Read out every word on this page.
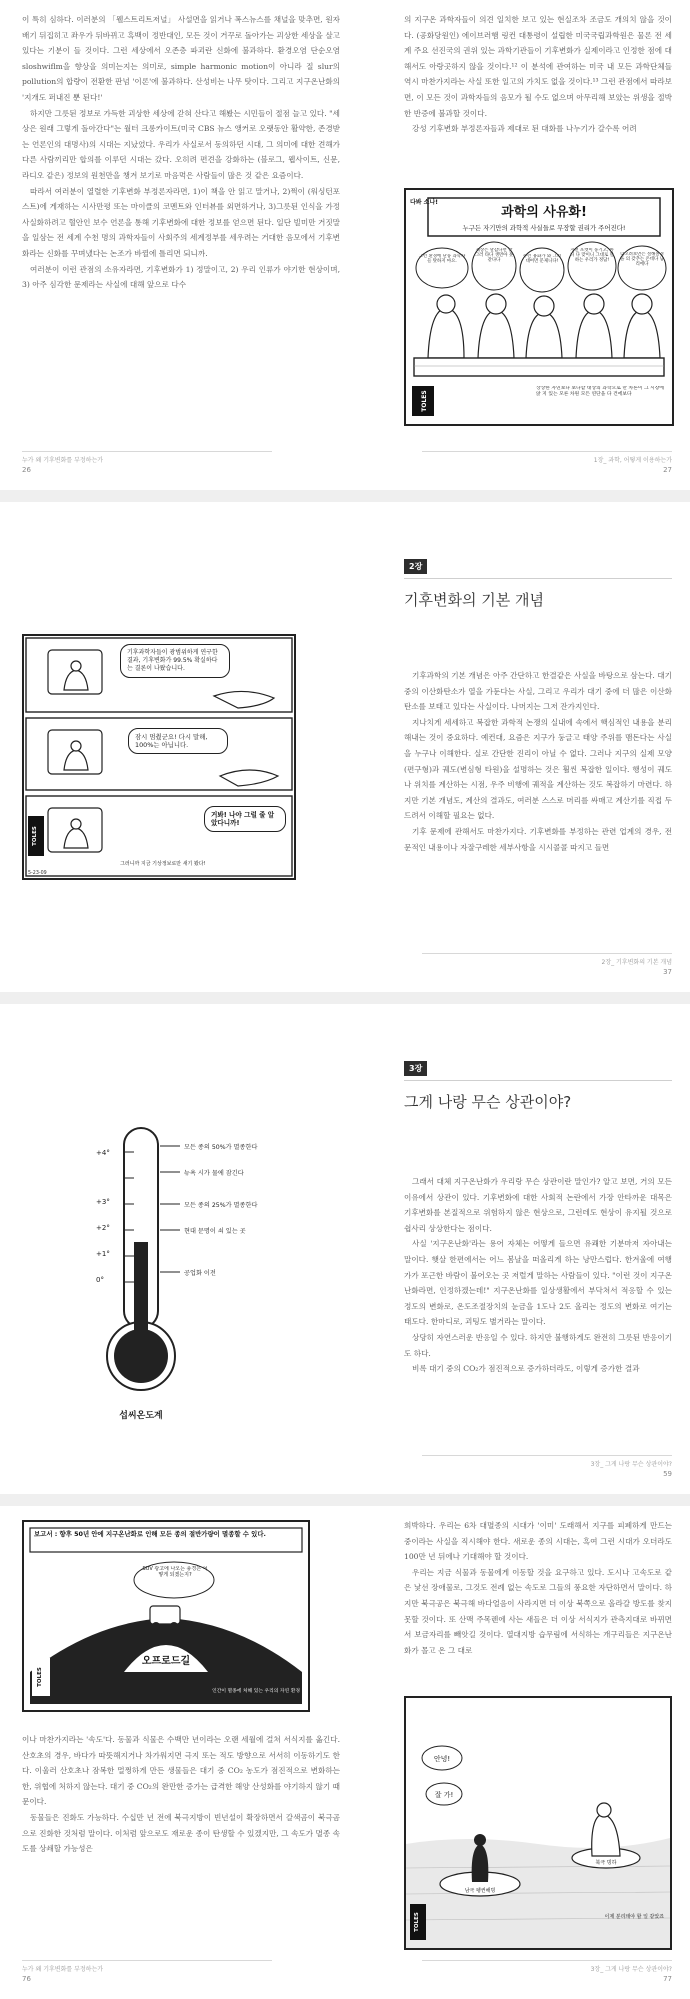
이 특히 심하다. 이러분의 「웰스트리트저널」 사설면을 읽거나 폭스뉴스를 채널을 맞추면, 원자배기 뒤집히고 좌우가 뒤바뀌고 흑백이 정반대인, 모든 것이 거꾸로 돌아가는 괴상한 세상을 살고 있다는 기분이 들 것이다. 그런 세상에서 오존층 파괴란 신화에 불과하다. 환경오염 단순오염 sloshwiflm을 향상을 의미는지는 의미로, simple harmonic motion이 아니라 질 slur의 pollution의 합량이 전환한 판넘 '이론'에 불과하다. 산성비는 나무 탓이다. 그리고 지구온난화의 '지개도 퍼내진 뿐 된다!'

하지만 그릇된 정보로 가득한 괴상한 세상에 갇혀 산다고 해봤는 시민들이 절점 늘고 있다. "세상은 원래 그렇게 돌아간다"는 월터 크롱카이트(미국 CBS 뉴스 앵커로 오랫동안 활약한, 존경받는 언론인의 대명사)의 시대는 지났었다. 우리가 사실로서 동의하던 시대, 그 의미에 대한 견해가 다른 사람끼리만 합의를 이루던 시대는 갔다. 오히려 편견을 강화하는 (블로그, 웹사이트, 신문, 라디오 같은) 정보의 원천만을 챙겨 보기로 마음먹은 사람들이 많은 것 같은 요즘이다.

따라서 여러분이 열렬한 기후변화 부정론자라면, 1)이 책을 안 읽고 말거나, 2)쩍이 (워싱턴포스트)에 게재하는 시사만평 또는 마이클의 코멘트와 인터뷰를 외면하거나, 3)그릇된 인식을 가정사실화하려고 혈안인 보수 언론을 통해 기후변화에 대한 정보를 얻으면 된다. 일단 빌미만 거짓말을 일삼는 전 세계 수천 명의 과학자들이 사회주의 세계정부를 세우려는 거대한 음모에서 기후변화라는 신화를 꾸며냈다는 논조가 바뀔에 틀리면 되니까.

여러분이 이런 관점의 소유자라면, 기후변화가 1) 정말이고, 2) 우리 인류가 야기한 현상이며, 3) 아주 심각한 문제라는 사실에 대해 앞으로 다수

누가 왜 기후변화를 부정하는가
26

의 지구온 과학자들이 의견 일치한 보고 있는 현실조차 조금도 개의치 않을 것이다. (공화당원인) 에이브러햄 링컨 대통령이 설립한 미국국립과학원은 물론 전 세계 주요 선진국의 권위 있는 과학기관들이 기후변화가 실제이라고 인정한 점에 대해서도 아랑곳하지 않을 것이다.¹² 이 분석에 관여하는 미국 내 모든 과학단체들 역시 마찬가지라는 사실 또한 일고의 가치도 없을 것이다.¹³ 그런 관점에서 따라보면, 이 모든 것이 과학자들의 음모가 될 수도 없으며 아무리해 보았는 위생을 절박한 반증에 불과할 것이다.

강성 기후변화 부정론자들과 제대로 된 대화를 나누기가 갈수록 어려

과학의 사유화!
누구든 자기만의 과학적 사실들로 무장할 권리가 주어진다!
다봐 소나!
그런 환경에 단풍 과학자들 탓하지 마요.
제상은 달갑다면 안 그러 타다 생면아 못 같다다
수런 용화가 와 그러 대여면 문제니다!
지전 포켓이 풍기고, 아니 다 맞이니 그대로 말하는 우리가 정답!
더고려보면은 절해볼경을 의 갖추는 온데다 남리에다
TOLES
상상한 자연보다 보다할 대상의 과학으로 만 차른이 그 시장에 앉 지 있는 모른 차원 모든 연단을 다 건에보다
1장_ 과학, 어떻게 이용하는가
27
TOLES
5-23-09
기후과학자들이 광범위하게 연구한 결과, 기후변화가 99.5% 확실하다는 결론이 나왔습니다.
잠시 멈췄군요! 다시 말해, 100%는 아닙니다.
거봐! 나야 그럴 줄 알았다니까!
그러니까 지금 기상정보로만 새기 봤다!
2장
기후변화의 기본 개념

기후과학의 기본 개념은 아주 간단하고 한결같은 사실을 바탕으로 삼는다. 대기 중의 이산화탄소가 열을 가둔다는 사실, 그리고 우리가 대기 중에 더 많은 이산화탄소를 보태고 있다는 사실이다. 나머지는 그저 잔가지인다.

지나치게 세세하고 복잡한 과학적 논쟁의 실내에 속에서 핵심적인 내용을 분리해내는 것이 중요하다. 예컨대, 요즘은 지구가 둥글고 태양 주위를 맴돈다는 사실을 누구나 이해한다. 실로 간단한 진리이 아닐 수 없다. 그러나 지구의 실제 모양(편구형)과 궤도(변심형 타원)을 설명하는 것은 훨씬 복잡한 일이다. 행성이 궤도나 위치를 계산하는 시점, 우주 비행에 궤적을 계산하는 것도 복잡하기 마련다. 하지만 기본 개념도, 계산의 결과도, 여러분 스스로 머리를 싸매고 계산기를 직접 두드려서 이해할 필요는 없다.

기후 문제에 관해서도 마찬가지다. 기후변화를 부정하는 관련 업계의 경우, 전문적인 내용이나 자잘구레한 세부사항을 시시콜콜 따지고 들면

2장_ 기후변화의 기본 개념
37
+4°
+3°
+2°
+1°
0°
모든 종의 50%가 멸종한다
뉴욕 시가 물에 잠긴다
모든 종의 25%가 멸종한다
현대 문명이 쇠 있는 곳
공업화 이전
섭씨온도계
3장
그게 나랑 무슨 상관이야?

그래서 대체 지구온난화가 우리랑 무슨 상관이란 말인가? 알고 보면, 거의 모든 이유에서 상관이 있다. 기후변화에 대한 사회적 논란에서 가장 안타까운 대목은 기후변화를 본질적으로 위험하지 않은 현상으로, 그런데도 현상이 유지될 것으로 쉽사리 상상한다는 점이다.

사실 '지구온난화'라는 용어 자체는 어떻게 들으면 유쾌한 기분마저 자아내는 말이다. 햇살 한편에서는 어느 봄날을 떠올리게 하는 낭만스럽다. 한겨울에 여행가가 포근한 바람이 불어오는 곳 저럴게 말하는 사람들이 있다. "이런 것이 지구온난화라면, 인정하겠는데!" 지구온난화를 일상생활에서 부닥쳐서 적응할 수 있는 정도의 변화로, 온도조절장치의 눈금을 1도나 2도 올리는 정도의 변화로 여기는 태도다. 한마디로, 괴팅도 별거라는 말이다.

상당히 자연스러운 반응일 수 있다. 하지만 불행하게도 완전히 그릇된 반응이기도 하다.

비록 대기 중의 CO₂가 점진적으로 증가하더라도, 이렇게 증가한 결과

3장_ 그게 나랑 무슨 상관이야?
59
보고서 : 향후 50년 안에 지구온난화로 인해 모든 종의 절반가량이 멸종할 수 있다.
SUV 광고에 나오는 풍경은 어떻게 되겠는지?
오프로드길
TOLES
인간이 멸종에 처해 있는 우리의 자연 환경

이나 마찬가지라는 '속도'다. 동물과 식물은 수백만 년이라는 오랜 세월에 걸쳐 서식지를 옮긴다. 산호초의 경우, 바다가 따뜻해지거나 차가워지면 극지 또는 적도 방향으로 서서히 이동하기도 한다. 이울러 산호초나 잠복한 멀쩡하게 만든 생물들은 대기 중 CO₂ 농도가 점진적으로 변화하는 한, 위협에 처하지 않는다. 대기 중 CO₂의 완만한 증가는 급격한 해양 산성화를 야기하지 않기 때문이다.

동물들은 진화도 가능하다. 수십만 년 전에 북극지방이 빈년설이 확장하면서 갈색곰이 북극곰으로 진화한 것처럼 말이다. 이처럼 앞으로도 재로운 종이 탄생할 수 있겠지만, 그 속도가 멸종 속도를 상쇄할 가능성은

누가 왜 기후변화를 부정하는가
76

희박하다. 우리는 6차 대멸종의 시대가 '이미' 도래해서 지구를 피폐하게 만드는 중이라는 사실을 직시해야 한다. 새로운 종의 시대는, 흑여 그런 시대가 오더라도 100만 년 뒤에나 기대해야 할 것이다.

우리는 지금 식물과 동물에게 이동할 것을 요구하고 있다. 도시나 고속도로 같은 낯선 장애물로, 그것도 전례 없는 속도로 그들의 풍요한 자단하면서 말이다. 하지만 북극공은 북극해 바다얼음이 사라지면 더 이상 북쪽으로 올라갈 방도를 찾지 못할 것이다. 또 산맥 주목렌에 사는 새들은 더 이상 서식지가 관측지대로 바뀌면서 보금자리를 빼앗길 것이다. 열대지방 습무림에 서식하는 개구리들은 지구온난화가 몰고 온 그 대로

안녕!
잘 가!
남극 펭귄해빙
북극 빙하
이제 분리돼야 할 일 같았죠
TOLES
3장_ 그게 나랑 무슨 상관이야?
77
